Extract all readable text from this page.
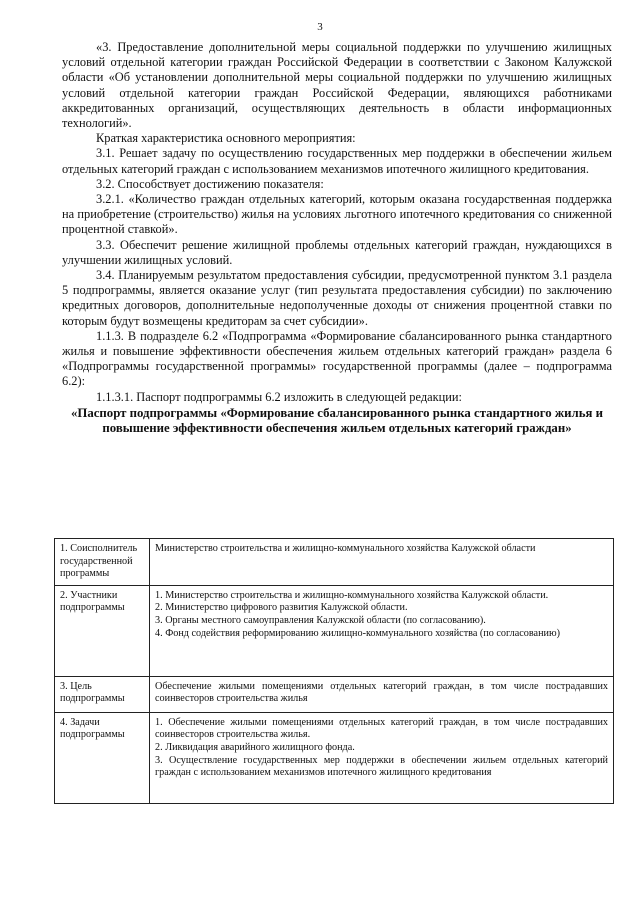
3

«3. Предоставление дополнительной меры социальной поддержки по улучшению жилищных условий отдельной категории граждан Российской Федерации в соответствии с Законом Калужской области «Об установлении дополнительной меры социальной поддержки по улучшению жилищных условий отдельной категории граждан Российской Федерации, являющихся работниками аккредитованных организаций, осуществляющих деятельность в области информационных технологий».

Краткая характеристика основного мероприятия:

3.1. Решает задачу по осуществлению государственных мер поддержки в обеспечении жильем отдельных категорий граждан с использованием механизмов ипотечного жилищного кредитования.

3.2. Способствует достижению показателя:

3.2.1. «Количество граждан отдельных категорий, которым оказана государственная поддержка на приобретение (строительство) жилья на условиях льготного ипотечного кредитования со сниженной процентной ставкой».

3.3. Обеспечит решение жилищной проблемы отдельных категорий граждан, нуждающихся в улучшении жилищных условий.

3.4. Планируемым результатом предоставления субсидии, предусмотренной пунктом 3.1 раздела 5 подпрограммы, является оказание услуг (тип результата предоставления субсидии) по заключению кредитных договоров, дополнительные недополученные доходы от снижения процентной ставки по которым будут возмещены кредиторам за счет субсидии».

1.1.3. В подразделе 6.2 «Подпрограмма «Формирование сбалансированного рынка стандартного жилья и повышение эффективности обеспечения жильем отдельных категорий граждан» раздела 6 «Подпрограммы государственной программы» государственной программы (далее – подпрограмма 6.2):

1.1.3.1. Паспорт подпрограммы 6.2 изложить в следующей редакции:

«Паспорт подпрограммы «Формирование сбалансированного рынка стандартного жилья и повышение эффективности обеспечения жильем отдельных категорий граждан»

1. Соисполнитель государственной программы	Министерство строительства и жилищно-коммунального хозяйства Калужской области

2. Участники подпрограммы	1. Министерство строительства и жилищно-коммунального хозяйства Калужской области.
2. Министерство цифрового развития Калужской области.
3. Органы местного самоуправления Калужской области (по согласованию).
4. Фонд содействия реформированию жилищно-коммунального хозяйства (по согласованию)

3. Цель подпрограммы	Обеспечение жилыми помещениями отдельных категорий граждан, в том числе пострадавших соинвесторов строительства жилья

4. Задачи подпрограммы	1. Обеспечение жилыми помещениями отдельных категорий граждан, в том числе пострадавших соинвесторов строительства жилья.
2. Ликвидация аварийного жилищного фонда.
3. Осуществление государственных мер поддержки в обеспечении жильем отдельных категорий граждан с использованием механизмов ипотечного жилищного кредитования
